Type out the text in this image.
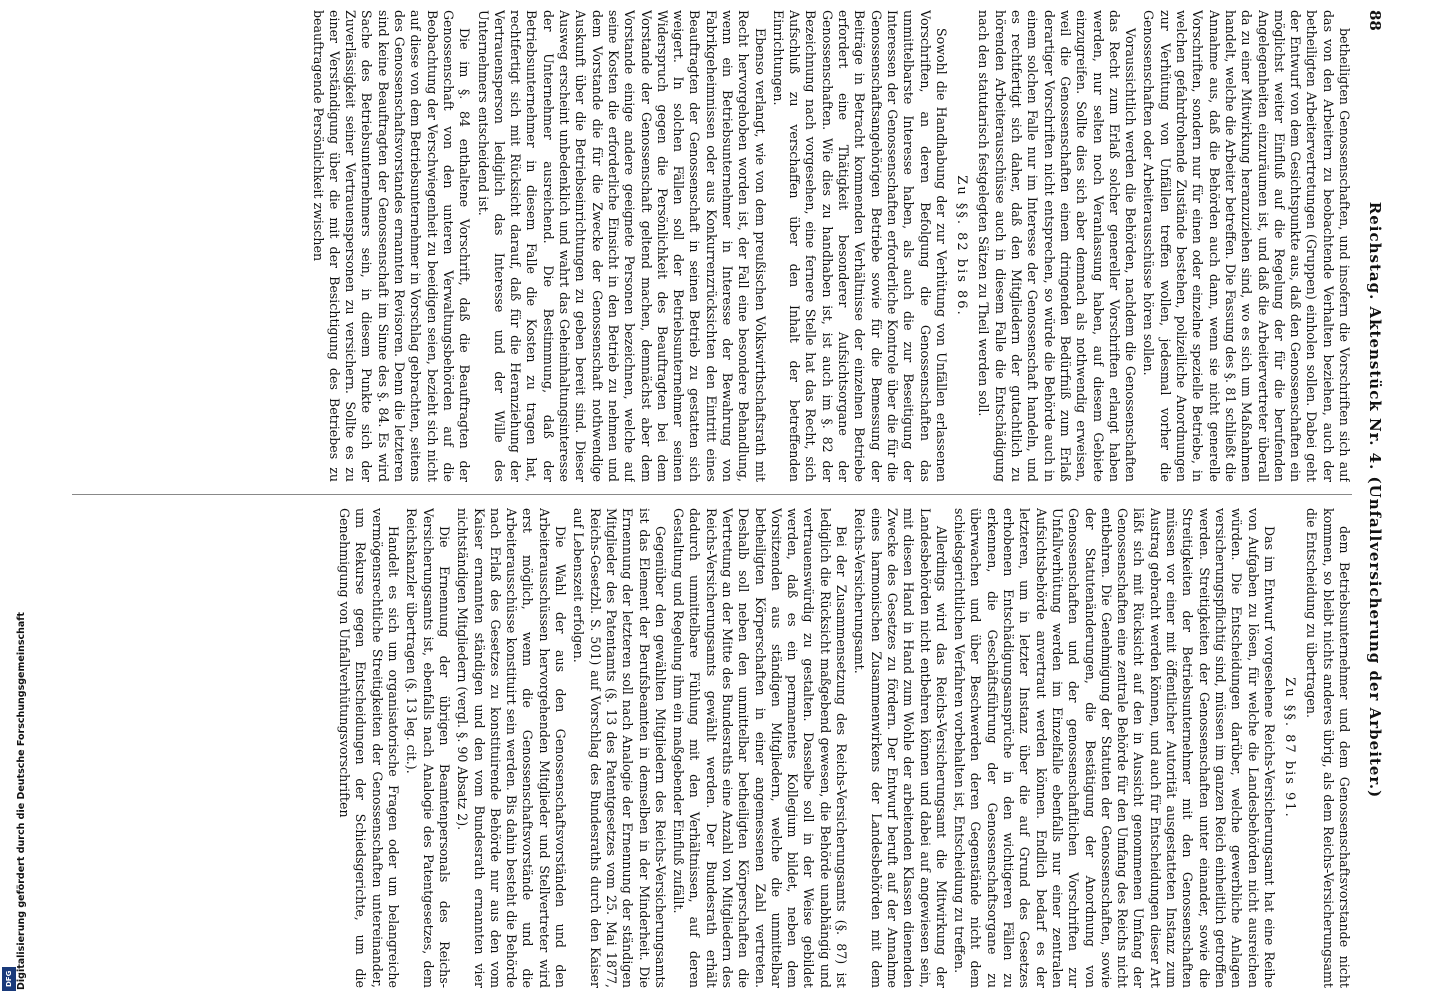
88
Reichstag. Aktenstück Nr. 4. (Unfallversicherung der Arbeiter.)

betheiligten Genossenschaften, und insofern die Vorschriften sich auf das von den Arbeitern zu beobachtende Verhalten beziehen, auch der betheiligten Arbeitervertretungen (Gruppen) einholen sollen. Dabei geht der Entwurf von dem Gesichtspunkte aus, daß den Genossenschaften ein möglichst weiter Einfluß auf die Regelung der für die berufenden Angelegenheiten einzuräumen ist, und daß die Arbeitervertreter überall da zu einer Mitwirkung heranzuziehen sind, wo es sich um Maßnahmen handelt, welche die Arbeiter betreffen. Die Fassung des §. 81 schließt die Annahme aus, daß die Behörden auch dann, wenn sie nicht generelle Vorschriften, sondern nur für einen oder einzelne spezielle Betriebe, in welchen gefahrdrohende Zustände bestehen, polizeiliche Anordnungen zur Verhütung von Unfällen treffen wollen, jedesmal vorher die Genossenschaften oder Arbeiterausschüsse hören sollen.

Voraussichtlich werden die Behörden, nachdem die Genossenschaften das Recht zum Erlaß solcher genereller Vorschriften erlangt haben werden, nur selten noch Veranlassung haben, auf diesem Gebiete einzugreifen. Sollte dies sich aber demnach als nothwendig erweisen, weil die Genossenschaften einem dringenden Bedürfniß zum Erlaß derartiger Vorschriften nicht entsprechen, so würde die Behörde auch in einem solchen Falle nur im Interesse der Genossenschaft handeln, und es rechtfertigt sich daher, daß den Mitgliedern der gutachtlich zu hörenden Arbeiterausschüsse auch in diesem Falle die Entschädigung nach den statutarisch festgelegten Sätzen zu Theil werden soll.

Zu §§. 82 bis 86.

Sowohl die Handhabung der zur Verhütung von Unfällen erlassenen Vorschriften, an deren Befolgung die Genossenschaften das unmittelbarste Interesse haben, als auch die zur Beseitigung der Interessen der Genossenschaften erforderliche Kontrole über die für die Genossenschaftsangehörigen Betriebe sowie für die Bemessung der Beiträge in Betracht kommenden Verhältnisse der einzelnen Betriebe erfordert eine Thätigkeit besonderer Aufsichtsorgane der Genossenschaften. Wie dies zu handhaben ist, ist auch im §. 82 der Bezeichnung nach vorgesehen, eine fernere Stelle hat das Recht, sich Aufschluß zu verschaffen über den Inhalt der betreffenden Einrichtungen.

Ebenso verlangt, wie von dem preußischen Volkswirthschaftsrath mit Recht hervorgehoben worden ist, der Fall eine besondere Behandlung, wenn ein Betriebsunternehmer in Interesse der Bewahrung von Fabrikgeheimnissen oder aus Konkurrenzrücksichten den Eintritt eines Beauftragten der Genossenschaft in seinen Betrieb zu gestatten sich weigert. In solchen Fällen soll der Betriebsunternehmer seinen Widerspruch gegen die Persönlichkeit des Beauftragten bei dem Vorstande der Genossenschaft geltend machen, demnächst aber dem Vorstande einige andere geeignete Personen bezeichnen, welche auf seine Kosten die erforderliche Einsicht in den Betrieb zu nehmen und dem Vorstande die für die Zwecke der Genossenschaft nothwendige Auskunft über die Betriebseinrichtungen zu geben bereit sind. Dieser Ausweg erscheint unbedenklich und wahrt das Geheimhaltungsinteresse der Unternehmer ausreichend. Die Bestimmung, daß der Betriebsunternehmer in diesem Falle die Kosten zu tragen hat, rechtfertigt sich mit Rücksicht darauf, daß für die Heranziehung der Vertrauensperson lediglich das Interesse und der Wille des Unternehmers entscheidend ist.

Die im §. 84 enthaltene Vorschrift, daß die Beauftragten der Genossenschaft von den unteren Verwaltungsbehörden auf die Beobachtung der Verschwiegenheit zu beeidigen seien, bezieht sich nicht auf diese von dem Betriebsunternehmer in Vorschlag gebrachten, seitens des Genossenschaftsvorstandes ernannten Revisoren. Denn die letzteren sind keine Beauftragten der Genossenschaft im Sinne des §. 84. Es wird Sache des Betriebsunternehmers sein, in diesem Punkte sich der Zuverlässigkeit seiner Vertrauenspersonen zu versichern. Sollte es zu einer Verständigung über die mit der Besichtigung des Betriebes zu beauftragende Persönlichkeit zwischen

dem Betriebsunternehmer und dem Genossenschaftsvorstande nicht kommen, so bleibt nichts anderes übrig, als dem Reichs-Versicherungsamt die Entscheidung zu übertragen.

Zu §§. 87 bis 91.

Das im Entwurf vorgesehene Reichs-Versicherungsamt hat eine Reihe von Aufgaben zu lösen, für welche die Landesbehörden nicht ausreichen würden. Die Entscheidungen darüber, welche gewerbliche Anlagen versicherungspflichtig sind, müssen im ganzen Reich einheitlich getroffen werden. Streitigkeiten der Genossenschaften unter einander, sowie die Streitigkeiten der Betriebsunternehmer mit den Genossenschaften müssen vor einer mit öffentlicher Autorität ausgestatteten Instanz zum Austrag gebracht werden können, und auch für Entscheidungen dieser Art läßt sich mit Rücksicht auf den in Aussicht genommenen Umfang der Genossenschaften eine zentrale Behörde für den Umfang des Reichs nicht entbehren. Die Genehmigung der Statuten der Genossenschaften, sowie der Statutenänderungen, die Bestätigung der Anordnung von Genossenschaften und der genossenschaftlichen Vorschriften zur Unfallverhütung werden im Einzelfalle ebenfalls nur einer zentralen Aufsichtsbehörde anvertraut werden können. Endlich bedarf es der letzteren, um in letzter Instanz über die auf Grund des Gesetzes erhobenen Entschädigungsansprüche in den wichtigeren Fällen zu erkennen, die Geschäftsführung der Genossenschaftsorgane zu überwachen und über Beschwerden deren Gegenstände nicht dem schiedsgerichtlichen Verfahren vorbehalten ist, Entscheidung zu treffen.

Allerdings wird das Reichs-Versicherungsamt die Mitwirkung der Landesbehörden nicht entbehren können und dabei auf angewiesen sein, mit diesen Hand in Hand zum Wohle der arbeitenden Klassen dienenden Zwecke des Gesetzes zu fördern. Der Entwurf beruft auf der Annahme eines harmonischen Zusammenwirkens der Landesbehörden mit dem Reichs-Versicherungsamt.

Bei der Zusammensetzung des Reichs-Versicherungsamts (§. 87) ist lediglich die Rücksicht maßgebend gewesen, die Behörde unabhängig und vertrauenswürdig zu gestalten. Dasselbe soll in der Weise gebildet werden, daß es ein permanentes Kollegium bildet, neben dem Vorsitzenden aus ständigen Mitgliedern, welche die unmittelbar betheiligten Körperschaften in einer angemessenen Zahl vertreten. Deshalb soll neben den unmittelbar betheiligten Körperschaften die Vertretung an der Mitte des Bundesraths eine Anzahl von Mitgliedern des Reichs-Versicherungsamts gewählt werden. Der Bundesrath erhält dadurch unmittelbare Fühlung mit den Verhältnissen, auf deren Gestaltung und Regelung ihm ein maßgebender Einfluß zufällt.

Gegenüber den gewählten Mitgliedern des Reichs-Versicherungsamts ist das Element der Berufsbeamten in demselben in der Minderheit. Die Ernennung der letzteren soll nach Analogie der Ernennung der ständigen Mitglieder des Patentamts (§. 13 des Patentgesetzes vom 25. Mai 1877, Reichs-Gesetzbl. S. 501) auf Vorschlag des Bundesraths durch den Kaiser auf Lebenszeit erfolgen.

Die Wahl der aus den Genossenschaftsvorständen und den Arbeiterausschüssen hervorgehenden Mitglieder und Stellvertreter wird erst möglich, wenn die Genossenschaftsvorstände und die Arbeiterausschüsse konstituirt sein werden. Bis dahin besteht die Behörde nach Erlaß des Gesetzes zu konstituirende Behörde nur aus den vom Kaiser ernannten ständigen und den vom Bundesrath ernannten vier nichtständigen Mitgliedern (vergl. §. 90 Absatz 2).

Die Ernennung der übrigen Beamtenpersonals des Reichs-Versicherungsamts ist, ebenfalls nach Analogie des Patentgesetzes, dem Reichskanzler übertragen (§. 13 leg. cit.).

Handelt es sich um organisatorische Fragen oder um belangreiche vermögensrechtliche Streitigkeiten der Genossenschaften untereinander, um Rekurse gegen Entscheidungen der Schiedsgerichte, um die Genehmigung von Unfallverhütungsvorschriften

DFG Digitalisierung gefördert durch die Deutsche Forschungsgemeinschaft
